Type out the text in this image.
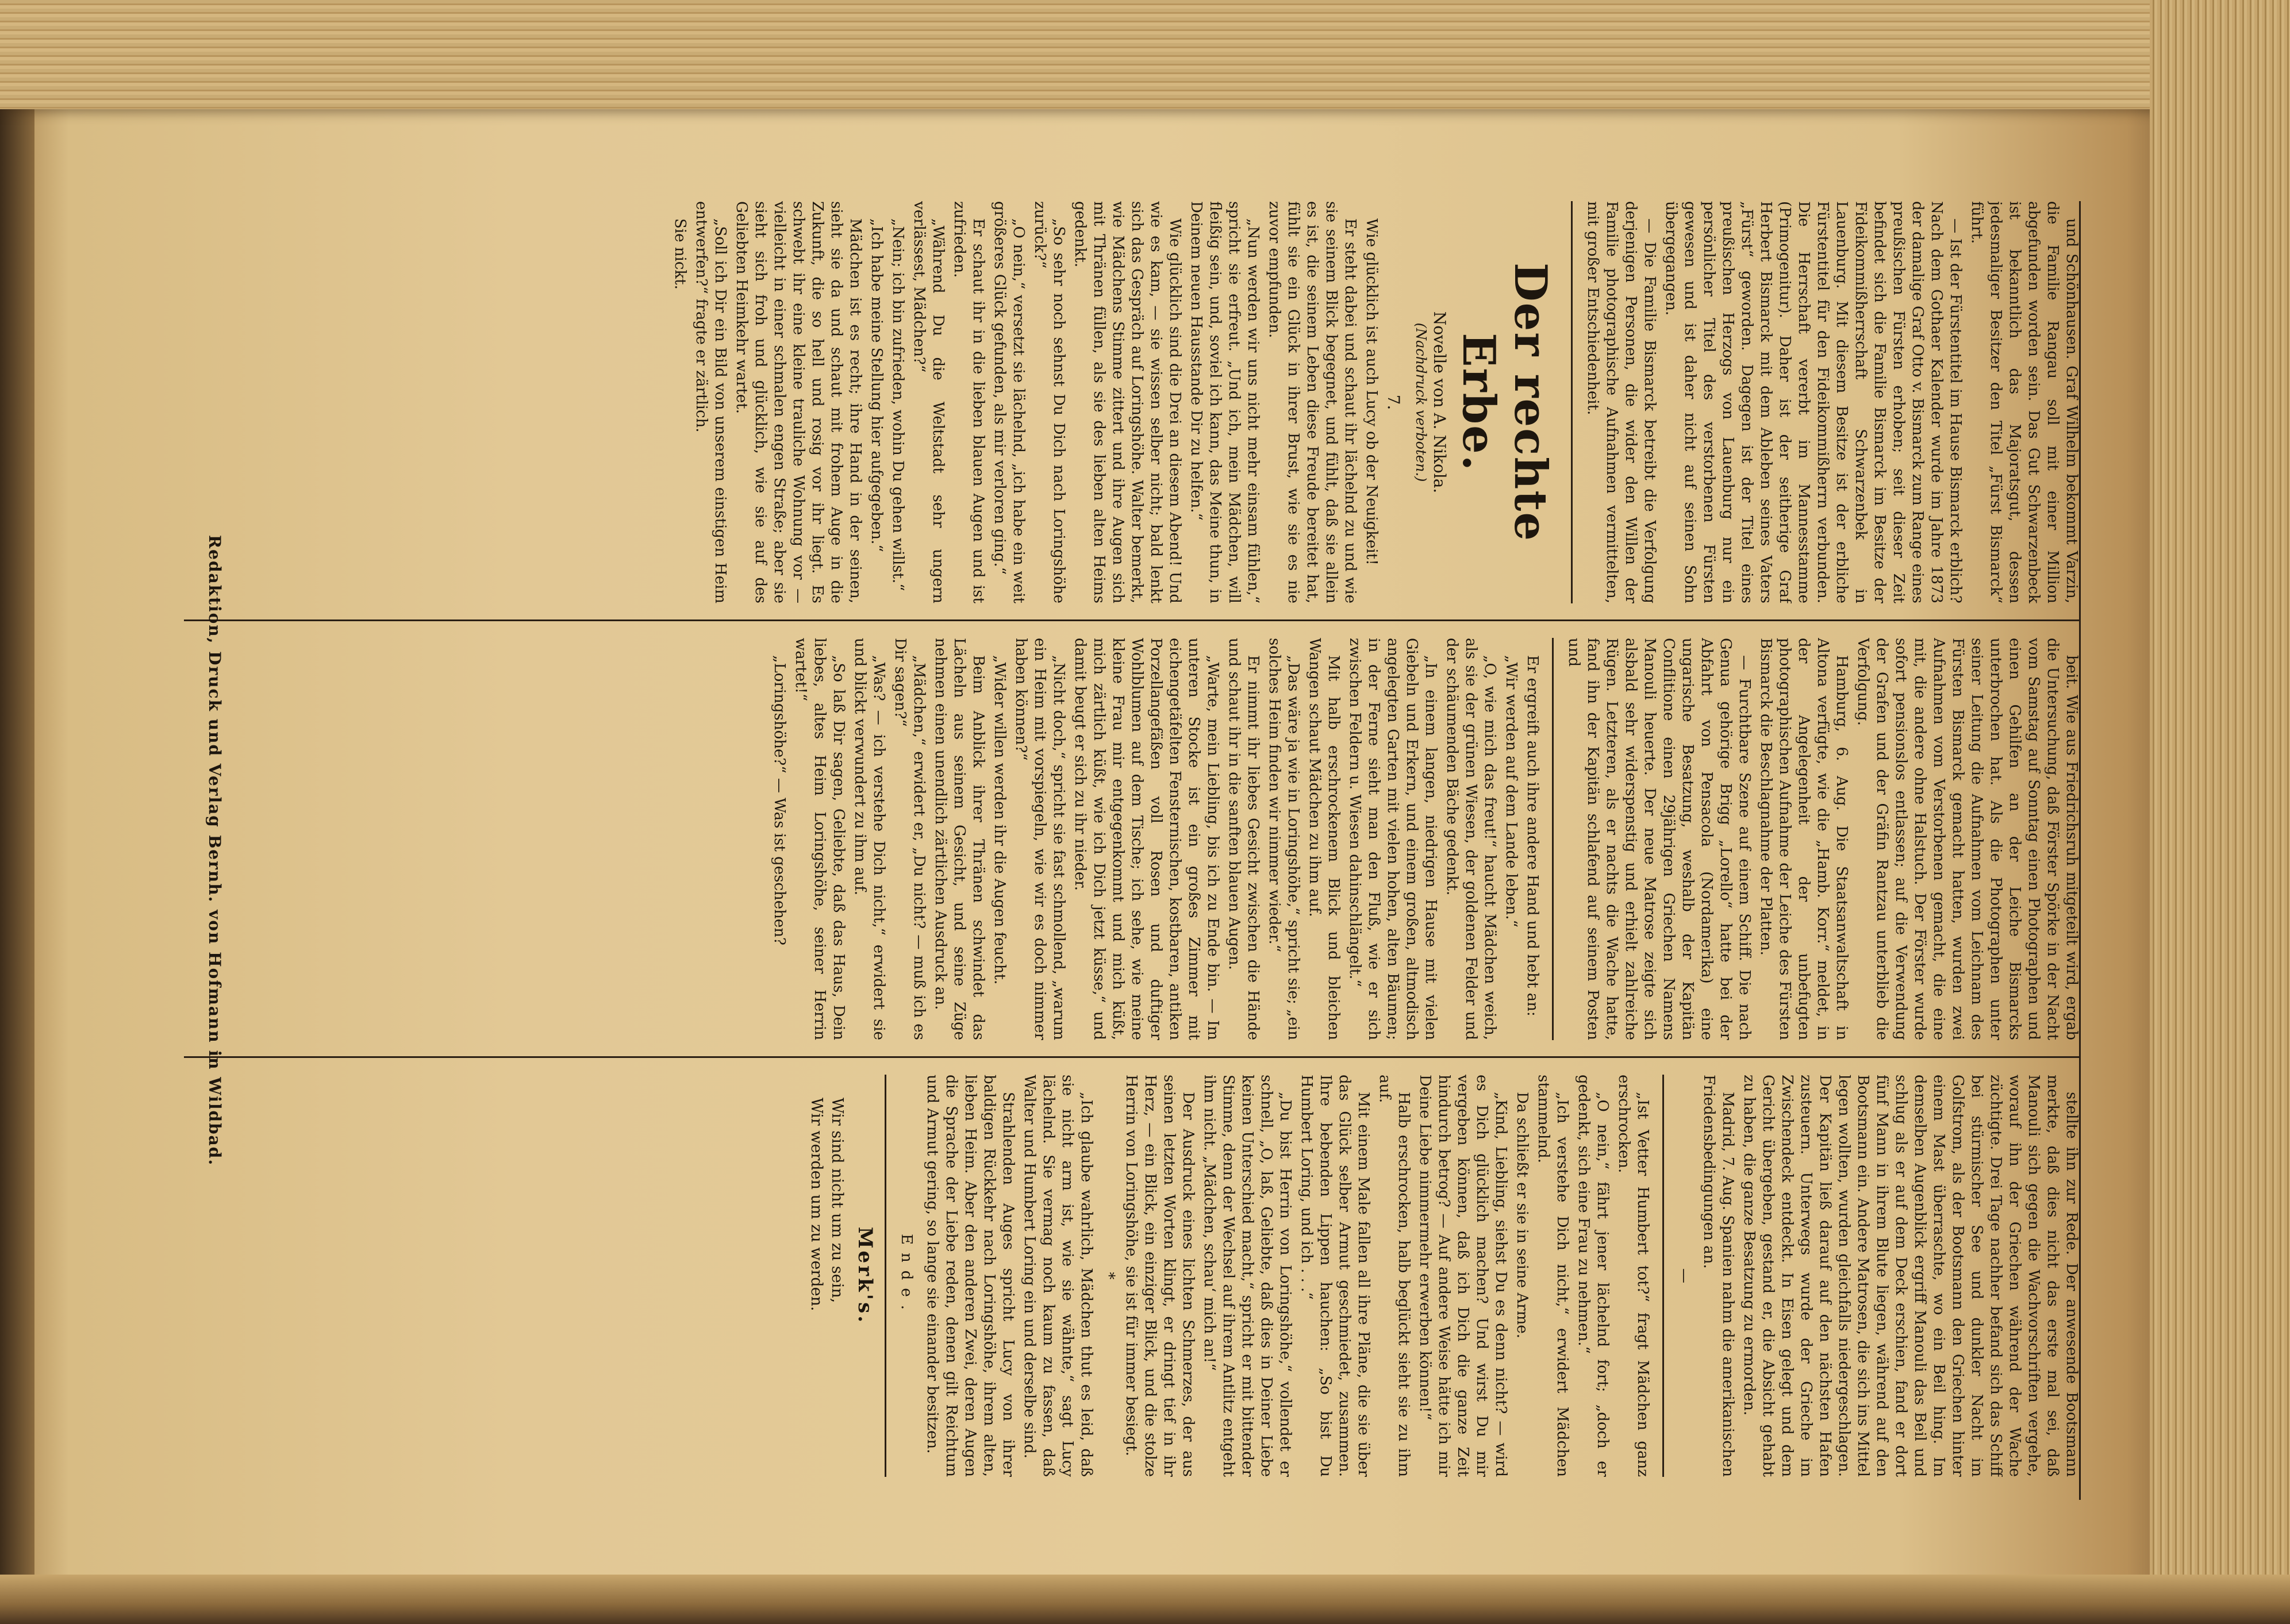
und Schönhausen. Graf Wilhelm bekommt Varzin, die Familie Rangau soll mit einer Million abgefunden worden sein. Das Gut Schwarzenbeck ist bekanntlich das Majoratsgut, dessen jedesmaliger Besitzer den Titel „Fürst Bismarck“ führt.

— Ist der Fürstentitel im Hause Bismarck erblich? Nach dem Gothaer Kalender wurde im Jahre 1873 der damalige Graf Otto v. Bismarck zum Range eines preußischen Fürsten erhoben; seit dieser Zeit befindet sich die Familie Bismarck im Besitze der Fideikommißherrschaft Schwarzenbek in Lauenburg. Mit diesem Besitze ist der erbliche Fürstentitel für den Fideikommißherrn verbunden. Die Herrschaft vererbt im Mannesstamme (Primogenitur). Daher ist der seitherige Graf Herbert Bismarck mit dem Ableben seines Vaters „Fürst“ geworden. Dagegen ist der Titel eines preußischen Herzogs von Lauenburg nur ein persönlicher Titel des verstorbenen Fürsten gewesen und ist daher nicht auf seinen Sohn übergegangen.

— Die Familie Bismarck betreibt die Verfolgung derjenigen Personen, die wider den Willen der Familie photographische Aufnahmen vermittelten, mit großer Entschiedenheit.

Der rechte Erbe.
Novelle von A. Nikola.
(Nachdruck verboten.)
7.

Wie glücklich ist auch Lucy ob der Neuigkeit!

Er steht dabei und schaut ihr lächelnd zu und wie sie seinem Blick begegnet, und fühlt, daß sie allein es ist, die seinem Leben diese Freude bereitet hat, fühlt sie ein Glück in ihrer Brust, wie sie es nie zuvor empfunden.

„Nun werden wir uns nicht mehr einsam fühlen,“ spricht sie erfreut. „Und ich, mein Mädchen, will fleißig sein, und, soviel ich kann, das Meine thun, in Deinem neuen Hausstande Dir zu helfen.“

Wie glücklich sind die Drei an diesem Abend! Und wie es kam, — sie wissen selber nicht; bald lenkt sich das Gespräch auf Loringshöhe. Walter bemerkt, wie Mädchens Stimme zittert und ihre Augen sich mit Thränen füllen, als sie des lieben alten Heims gedenkt.

„So sehr noch sehnst Du Dich nach Loringshöhe zurück?“

„O nein,“ versetzt sie lächelnd, „ich habe ein weit größeres Glück gefunden, als mir verloren ging.“

Er schaut ihr in die lieben blauen Augen und ist zufrieden.

„Während Du die Weltstadt sehr ungern verlässest, Mädchen?“

„Nein; ich bin zufrieden, wohin Du gehen willst.“

„Ich habe meine Stellung hier aufgegeben.“

Mädchen ist es recht; ihre Hand in der seinen, sieht sie da und schaut mit frohem Auge in die Zukunft, die so hell und rosig vor ihr liegt. Es schwebt ihr eine kleine trauliche Wohnung vor — vielleicht in einer schmalen engen Straße; aber sie sieht sich froh und glücklich, wie sie auf des Geliebten Heimkehr wartet.

„Soll ich Dir ein Bild von unserem einstigen Heim entwerfen?“ fragte er zärtlich.

Sie nickt.

beit. Wie aus Friedrichsruh mitgeteilt wird, ergab die Untersuchung, daß Förster Spörke in der Nacht vom Samstag auf Sonntag einen Photographen und einen Gehilfen an der Leiche Bismarcks unterbrochen hat. Als die Photographen unter seiner Leitung die Aufnahmen vom Leichnam des Fürsten Bismarck gemacht hatten, wurden zwei Aufnahmen vom Verstorbenen gemacht, die eine mit, die andere ohne Halstuch. Der Förster wurde sofort pensionslos entlassen; auf die Verwendung der Grafen und der Gräfin Rantzau unterblieb die Verfolgung.

Hamburg, 6. Aug. Die Staatsanwaltschaft in Altona verfügte, wie die „Hamb. Korr.“ meldet, in der Angelegenheit der unbefugten photographischen Aufnahme der Leiche des Fürsten Bismarck die Beschlagnahme der Platten.

— Furchtbare Szene auf einem Schiff. Die nach Genua gehörige Brigg „Lorello“ hatte bei der Abfahrt von Pensacola (Nordamerika) eine ungarische Besatzung, weshalb der Kapitän Conflitione einen 29jährigen Griechen Namens Manouli heuerte. Der neue Matrose zeigte sich alsbald sehr widerspenstig und erhielt zahlreiche Rügen. Letzteren, als er nachts die Wache hatte, fand ihn der Kapitän schlafend auf seinem Posten und

Er ergreift auch ihre andere Hand und hebt an:

„Wir werden auf dem Lande leben.“

„O, wie mich das freut!“ haucht Mädchen weich, als sie der grünen Wiesen, der goldenen Felder und der schäumenden Bäche gedenkt.

„In einem langen, niedrigen Hause mit vielen Giebeln und Erkern, und einem großen, altmodisch angelegten Garten mit vielen hohen, alten Bäumen; in der Ferne sieht man den Fluß, wie er sich zwischen Feldern u. Wiesen dahinschlängelt.“

Mit halb erschrockenem Blick und bleichen Wangen schaut Mädchen zu ihm auf.

„Das wäre ja wie in Loringshöhe,“ spricht sie; „ein solches Heim finden wir nimmer wieder.“

Er nimmt ihr liebes Gesicht zwischen die Hände und schaut ihr in die sanften blauen Augen.

„Warte, mein Liebling, bis ich zu Ende bin. — Im unteren Stocke ist ein großes Zimmer mit eichengetäfelten Fensternischen, kostbaren, antiken Porzellangefäßen voll Rosen und duftiger Wohlblumen auf dem Tische; ich sehe, wie meine kleine Frau mir entgegenkommt und mich küßt, mich zärtlich küßt, wie ich Dich jetzt küsse,“ und damit beugt er sich zu ihr nieder.

„Nicht doch,“ spricht sie fast schmollend, „warum ein Heim mit vorspiegeln, wie wir es doch nimmer haben können?“

„Wider willen werden ihr die Augen feucht.

Beim Anblick ihrer Thränen schwindet das Lächeln aus seinem Gesicht, und seine Züge nehmen einen unendlich zärtlichen Ausdruck an.

„Mädchen,“ erwidert er, „Du nicht? — muß ich es Dir sagen?“

„Was? — ich verstehe Dich nicht,“ erwidert sie und blickt verwundert zu ihm auf.

„So laß Dir sagen, Geliebte, daß das Haus, Dein liebes, altes Heim Loringshöhe, seiner Herrin wartet!“

„Loringshöhe?“ — Was ist geschehen?

stellte ihn zur Rede. Der anwesende Bootsmann merkte, daß dies nicht das erste mal sei, daß Manouli sich gegen die Wachvorschriften vergehe, worauf ihn der Griechen während der Wache züchtigte. Drei Tage nachher befand sich das Schiff bei stürmischer See und dunkler Nacht im Golfstrom, als der Bootsmann den Griechen hinter einem Mast überraschte, wo ein Beil hing. Im demselben Augenblick ergriff Manouli das Beil und schlug als er auf dem Deck erschien, fand er dort fünf Mann in ihrem Blute liegen, während auf den Bootsmann ein. Andere Matrosen, die sich ins Mittel legen wollten, wurden gleichfalls niedergeschlagen. Der Kapitän ließ darauf auf den nächsten Hafen zusteuern. Unterwegs wurde der Grieche im Zwischendeck entdeckt. In Eisen gelegt und dem Gericht übergeben, gestand er, die Absicht gehabt zu haben, die ganze Besatzung zu ermorden.

Madrid, 7. Aug. Spanien nahm die amerikanischen Friedensbedingungen an.

—

„Ist Vetter Humbert tot?“ fragt Mädchen ganz erschrocken.

„O nein,“ fährt jener lächelnd fort; „doch er gedenkt, sich eine Frau zu nehmen.“

„Ich verstehe Dich nicht,“ erwidert Mädchen stammelnd.

Da schließt er sie in seine Arme.

„Kind, Liebling, siehst Du es denn nicht? — wird es Dich glücklich machen? Und wirst Du mir vergeben können, daß ich Dich die ganze Zeit hindurch betrog? — Auf andere Weise hätte ich mir Deine Liebe nimmermehr erwerben können!“

Halb erschrocken, halb beglückt sieht sie zu ihm auf.

Mit einem Male fallen all ihre Pläne, die sie über das Glück selber Armut geschmiedet, zusammen. Ihre bebenden Lippen hauchen: „So bist Du Humbert Loring, und ich . . .“

„Du bist Herrin von Loringshöhe,“ vollendet er schnell, „O, laß, Geliebte, daß dies in Deiner Liebe keinen Unterschied macht,“ spricht er mit bittender Stimme, denn der Wechsel auf ihrem Antlitz entgeht ihm nicht. „Mädchen, schau‘ mich an!“

Der Ausdruck eines lichten Schmerzes, der aus seinen letzten Worten klingt, er dringt tief in ihr Herz, — ein Blick, ein einziger Blick, und die stolze Herrin von Loringshöhe, sie ist für immer besiegt.

*

„Ich glaube wahrlich, Mädchen thut es leid, daß sie nicht arm ist, wie sie wähnte,“ sagt Lucy lächelnd. Sie vermag noch kaum zu fassen, daß Walter und Humbert Loring ein und derselbe sind.

Strahlenden Auges spricht Lucy von ihrer baldigen Rückkehr nach Loringshöhe, ihrem alten, lieben Heim. Aber den anderen Zwei, deren Augen die Sprache der Liebe reden, denen gilt Reichtum und Armut gering, so lange sie einander besitzen.

Ende.
Merk's.
Wir sind nicht um zu sein,
Wir werden um zu werden.
Redaktion, Druck und Verlag Bernh. von Hofmann in Wildbad.
